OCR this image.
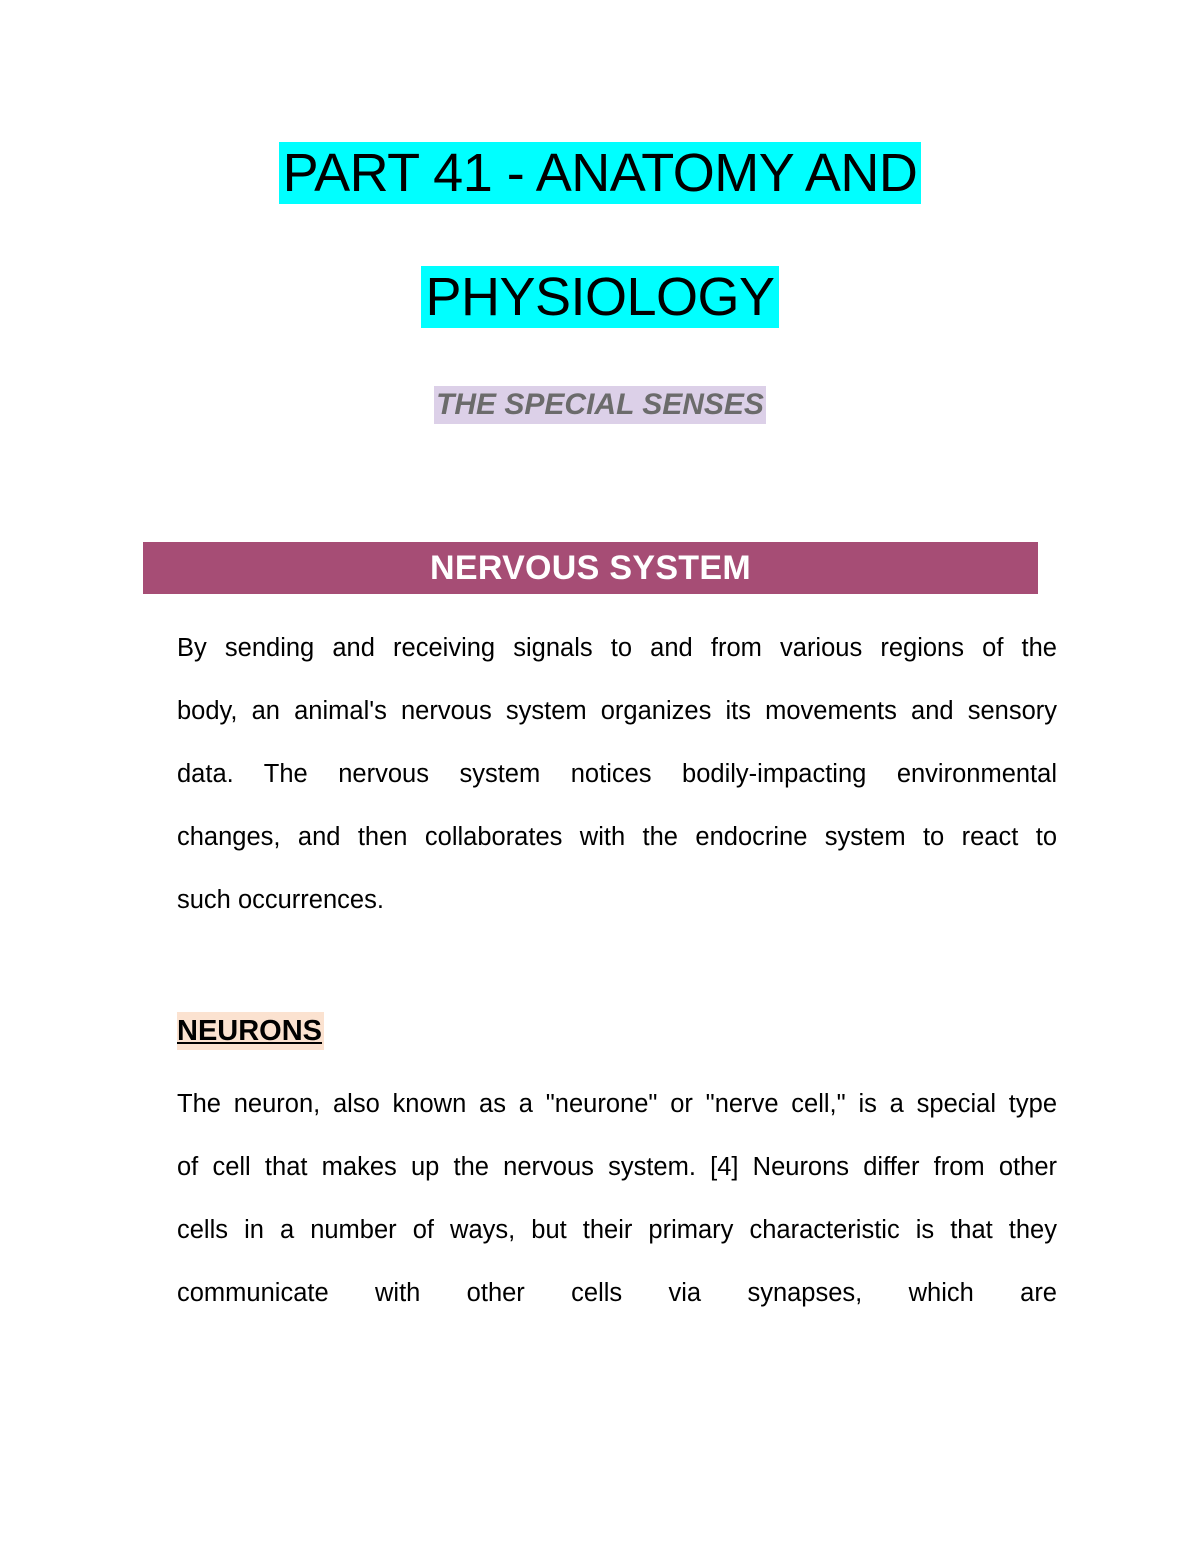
PART 41 - ANATOMY AND
PHYSIOLOGY
THE SPECIAL SENSES
NERVOUS SYSTEM
By sending and receiving signals to and from various regions of the
body, an animal's nervous system organizes its movements and sensory
data. The nervous system notices bodily-impacting environmental
changes, and then collaborates with the endocrine system to react to
such occurrences.
NEURONS
The neuron, also known as a "neurone" or "nerve cell," is a special type
of cell that makes up the nervous system. [4] Neurons differ from other
cells in a number of ways, but their primary characteristic is that they
communicate with other cells via synapses, which are
